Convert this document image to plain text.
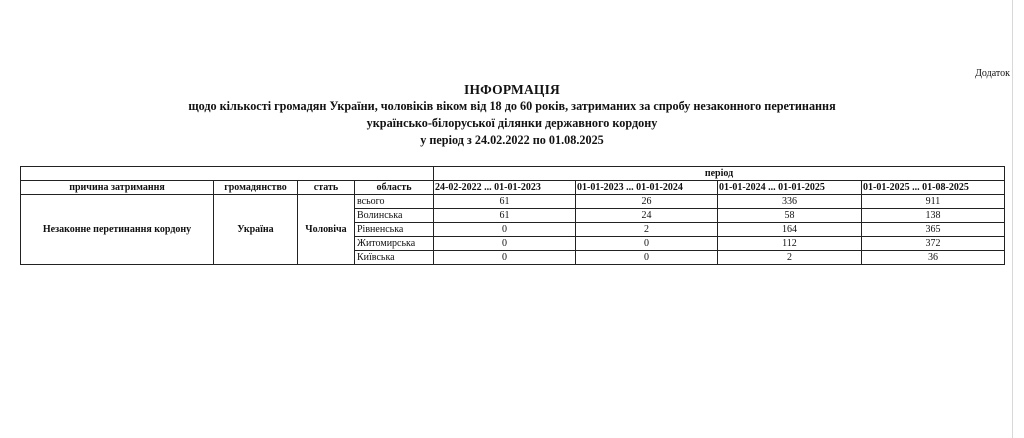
Додаток
ІНФОРМАЦІЯ
щодо кількості громадян України, чоловіків віком від 18 до 60 років, затриманих за спробу незаконного перетинання
українсько-білоруської ділянки державного кордону
у період з 24.02.2022 по 01.08.2025
				період			
причина затримання	громадянство	стать	область	24-02-2022 ... 01-01-2023	01-01-2023 ... 01-01-2024	01-01-2024 ... 01-01-2025	01-01-2025 ... 01-08-2025
Незаконне перетинання кордону	Україна	Чоловіча	всього	61	26	336	911
			Волинська	61	24	58	138
			Рівненська	0	2	164	365
			Житомирська	0	0	112	372
			Київська	0	0	2	36
